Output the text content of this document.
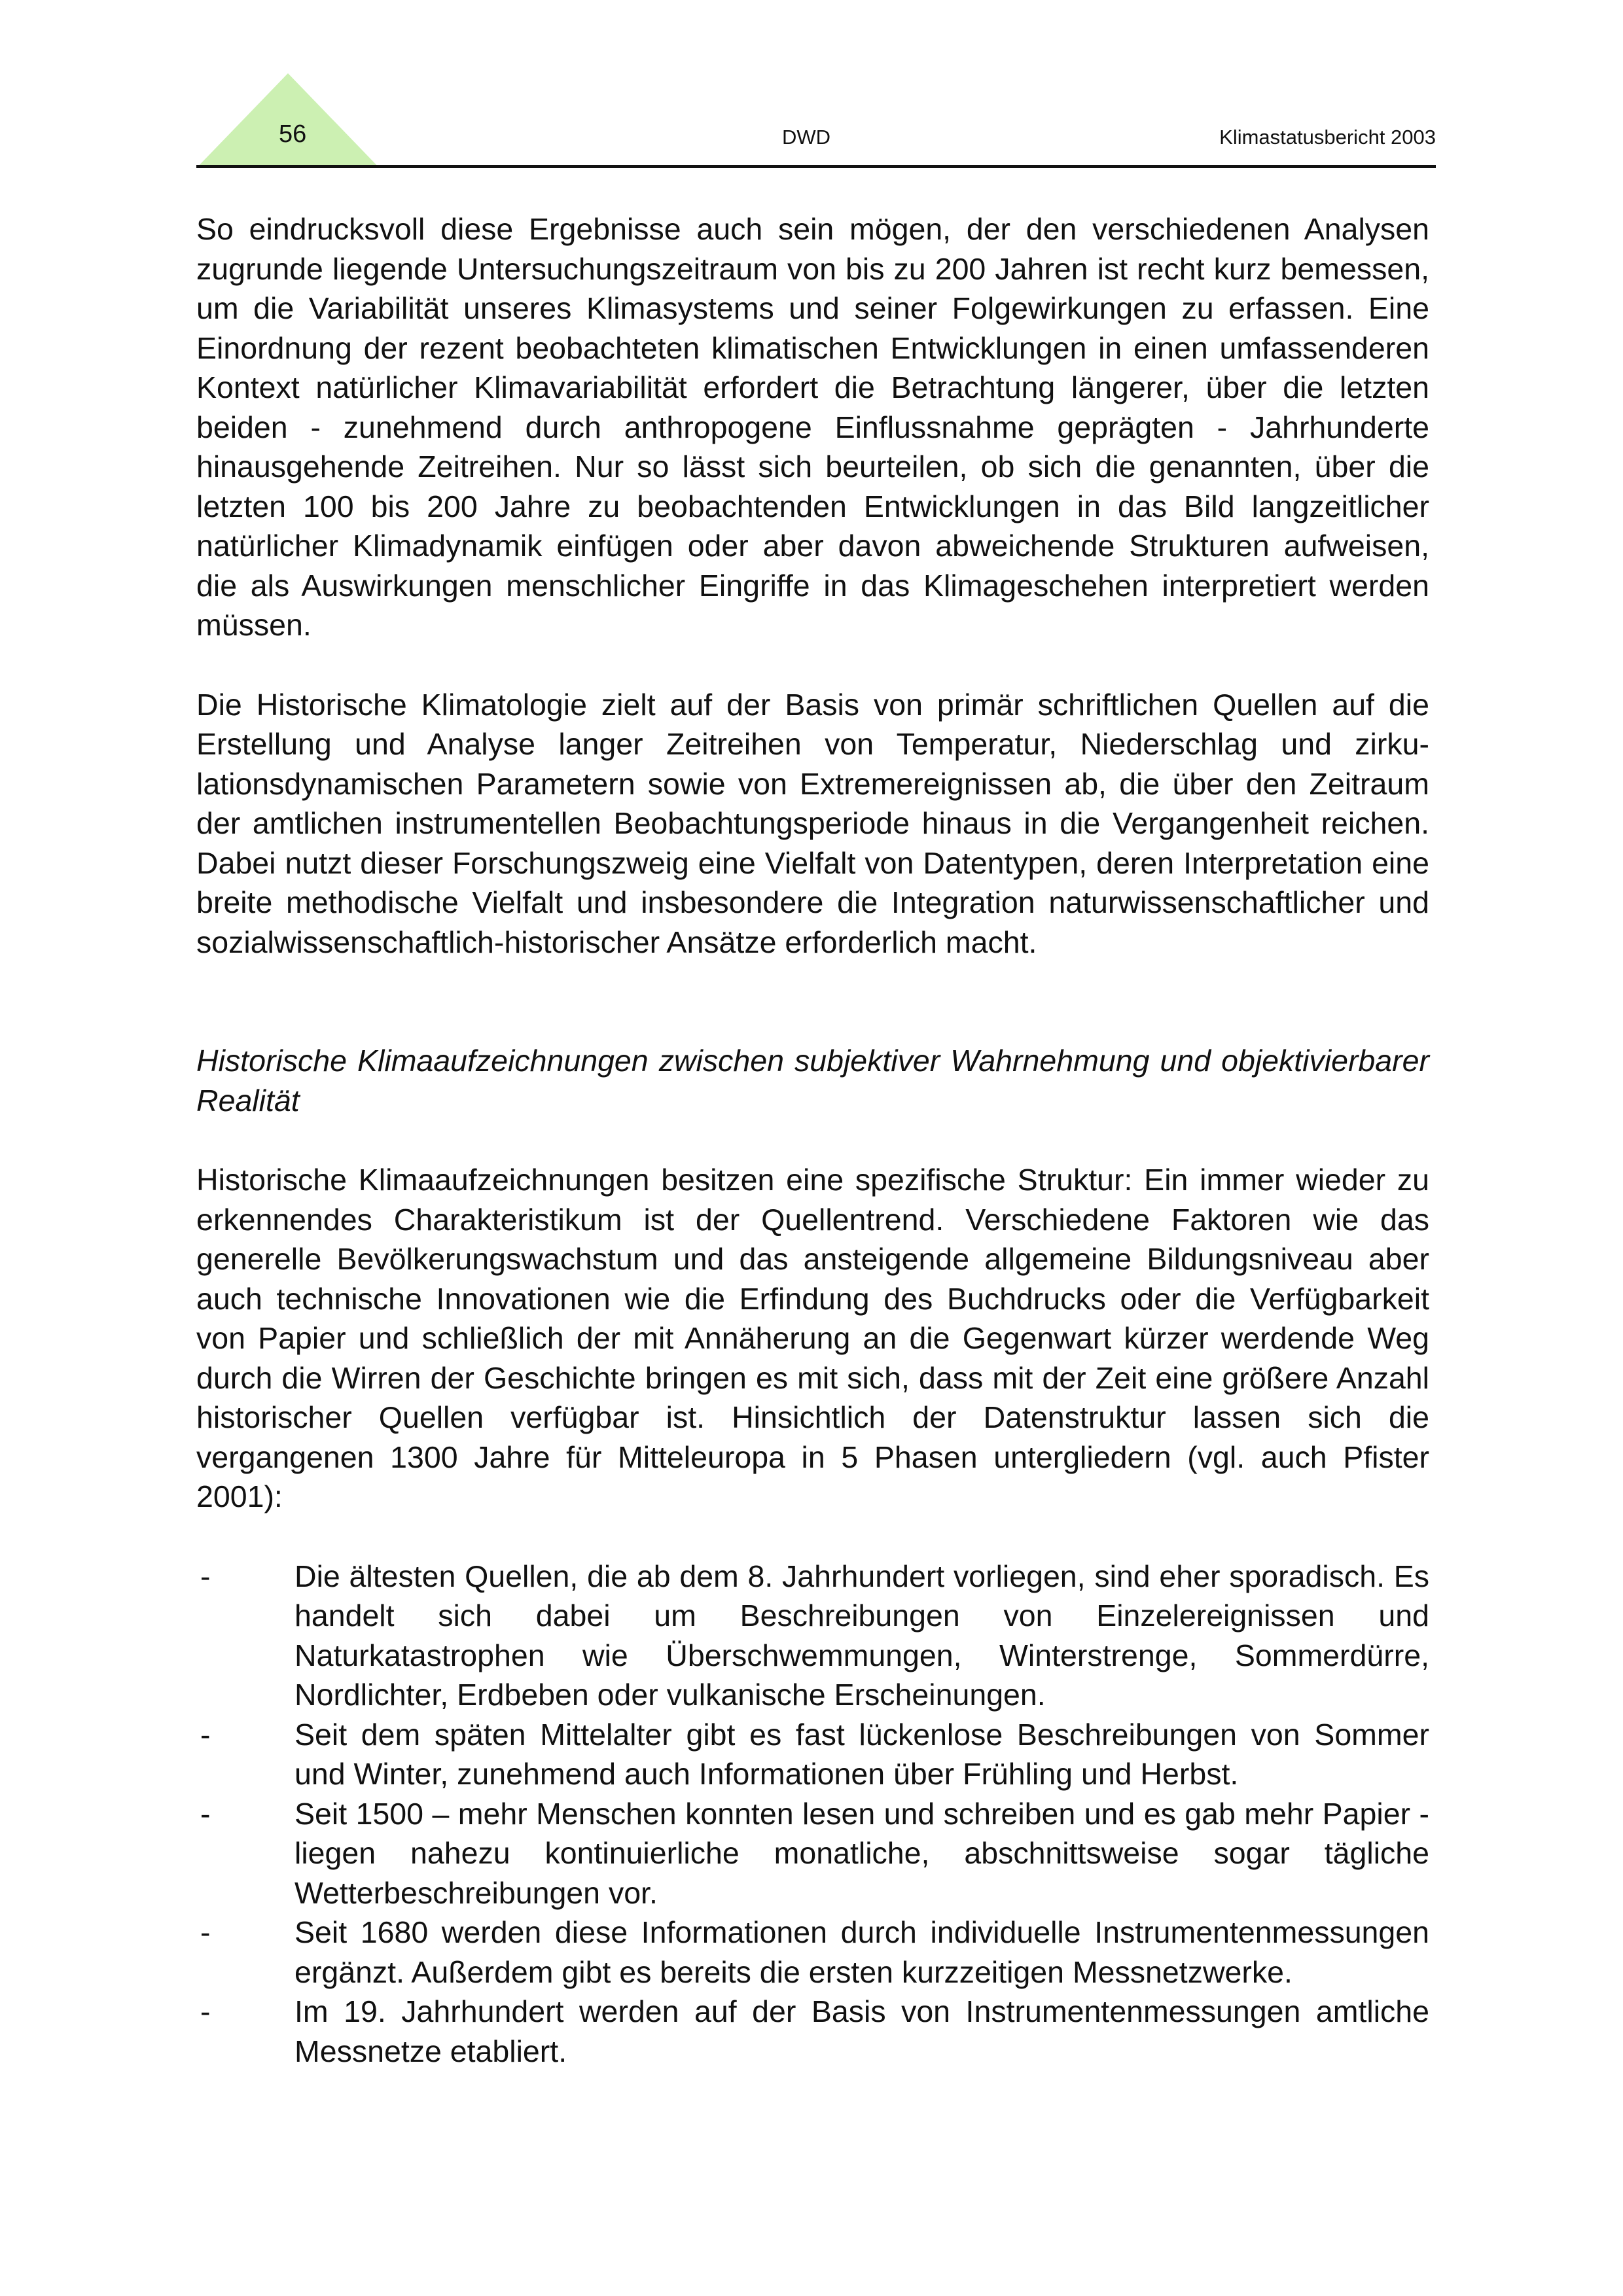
56	DWD	Klimastatusbericht 2003

So eindrucksvoll diese Ergebnisse auch sein mögen, der den verschiedenen Analysen zugrunde liegende Untersuchungszeitraum von bis zu 200 Jahren ist recht kurz bemessen, um die Variabilität unseres Klimasystems und seiner Folgewirkungen zu erfassen. Eine Einordnung der rezent beobachteten klimatischen Entwicklungen in einen umfassenderen Kontext natürlicher Klimavariabilität erfordert die Betrachtung längerer, über die letzten beiden - zunehmend durch anthropogene Einflussnahme geprägten - Jahrhunderte hinausgehende Zeitreihen. Nur so lässt sich beurteilen, ob sich die genannten, über die letzten 100 bis 200 Jahre zu beobachtenden Entwicklungen in das Bild langzeitlicher natürlicher Klimadynamik einfügen oder aber davon abweichende Strukturen aufweisen, die als Auswirkungen menschlicher Eingriffe in das Klimageschehen interpretiert werden müssen.

Die Historische Klimatologie zielt auf der Basis von primär schriftlichen Quellen auf die Erstellung und Analyse langer Zeitreihen von Temperatur, Niederschlag und zirkulationsdynamischen Parametern sowie von Extremereignissen ab, die über den Zeitraum der amtlichen instrumentellen Beobachtungsperiode hinaus in die Vergangenheit reichen. Dabei nutzt dieser Forschungszweig eine Vielfalt von Datentypen, deren Interpretation eine breite methodische Vielfalt und insbesondere die Integration naturwissenschaftlicher und sozialwissenschaftlich-historischer Ansätze erforderlich macht.

Historische Klimaaufzeichnungen zwischen subjektiver Wahrnehmung und objektivierbarer Realität

Historische Klimaaufzeichnungen besitzen eine spezifische Struktur: Ein immer wieder zu erkennendes Charakteristikum ist der Quellentrend. Verschiedene Faktoren wie das generelle Bevölkerungswachstum und das ansteigende allgemeine Bildungsniveau aber auch technische Innovationen wie die Erfindung des Buchdrucks oder die Verfügbarkeit von Papier und schließlich der mit Annäherung an die Gegenwart kürzer werdende Weg durch die Wirren der Geschichte bringen es mit sich, dass mit der Zeit eine größere Anzahl historischer Quellen verfügbar ist. Hinsichtlich der Datenstruktur lassen sich die vergangenen 1300 Jahre für Mitteleuropa in 5 Phasen untergliedern (vgl. auch Pfister 2001):

-	Die ältesten Quellen, die ab dem 8. Jahrhundert vorliegen, sind eher sporadisch. Es handelt sich dabei um Beschreibungen von Einzelereignissen und Naturkatastrophen wie Überschwemmungen, Winterstrenge, Sommerdürre, Nordlichter, Erdbeben oder vulkanische Erscheinungen.
-	Seit dem späten Mittelalter gibt es fast lückenlose Beschreibungen von Sommer und Winter, zunehmend auch Informationen über Frühling und Herbst.
-	Seit 1500 – mehr Menschen konnten lesen und schreiben und es gab mehr Papier - liegen nahezu kontinuierliche monatliche, abschnittsweise sogar tägliche Wetterbeschreibungen vor.
-	Seit 1680 werden diese Informationen durch individuelle Instrumentenmessungen ergänzt. Außerdem gibt es bereits die ersten kurzzeitigen Messnetzwerke.
-	Im 19. Jahrhundert werden auf der Basis von Instrumentenmessungen amtliche Messnetze etabliert.
